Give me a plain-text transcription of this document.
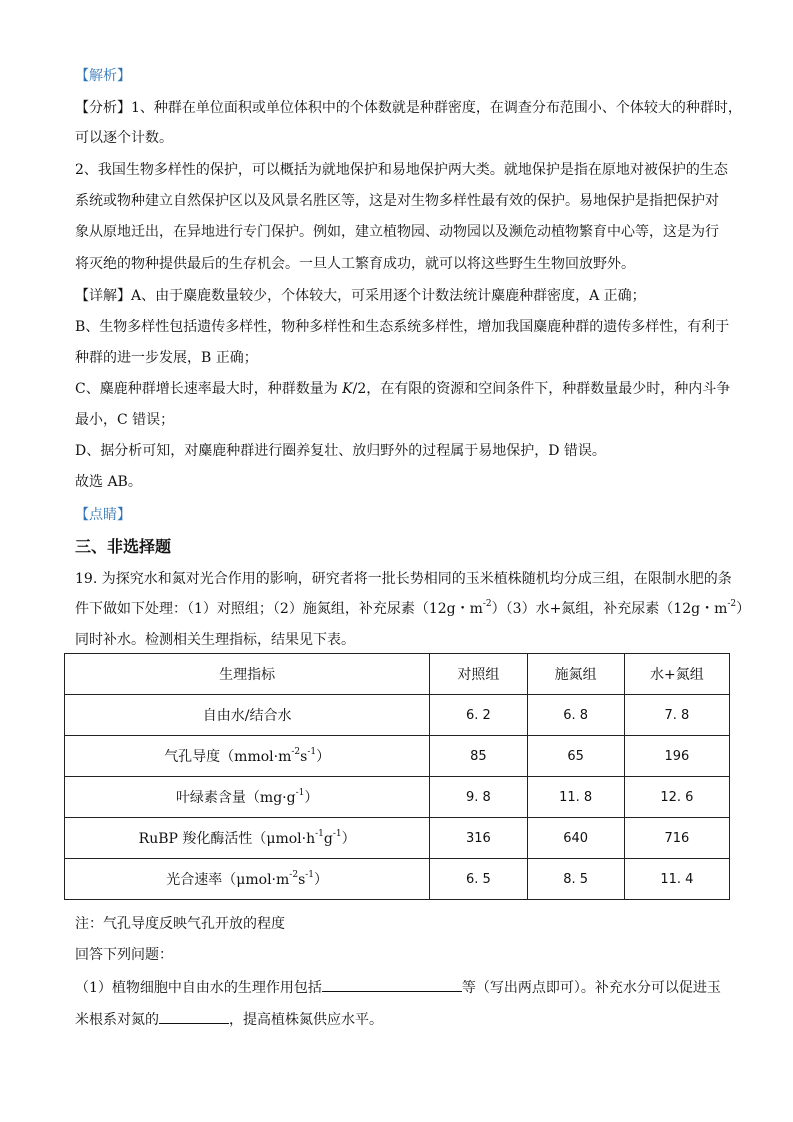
【解析】
【分析】1、种群在单位面积或单位体积中的个体数就是种群密度，在调查分布范围小、个体较大的种群时，
可以逐个计数。
2、我国生物多样性的保护，可以概括为就地保护和易地保护两大类。就地保护是指在原地对被保护的生态
系统或物种建立自然保护区以及风景名胜区等，这是对生物多样性最有效的保护。易地保护是指把保护对
象从原地迁出，在异地进行专门保护。例如，建立植物园、动物园以及濒危动植物繁育中心等，这是为行
将灭绝的物种提供最后的生存机会。一旦人工繁育成功，就可以将这些野生生物回放野外。
【详解】A、由于麋鹿数量较少，个体较大，可采用逐个计数法统计麋鹿种群密度，A 正确；
B、生物多样性包括遗传多样性，物种多样性和生态系统多样性，增加我国麋鹿种群的遗传多样性，有利于
种群的进一步发展，B 正确；
C、麋鹿种群增长速率最大时，种群数量为 K/2，在有限的资源和空间条件下，种群数量最少时，种内斗争
最小，C 错误；
D、据分析可知，对麋鹿种群进行圈养复壮、放归野外的过程属于易地保护，D 错误。
故选 AB。
【点睛】
三、非选择题
19. 为探究水和氮对光合作用的影响，研究者将一批长势相同的玉米植株随机均分成三组，在限制水肥的条
件下做如下处理：（1）对照组；（2）施氮组，补充尿素（12g・$m^{-2})(3)$水+氮组，补充尿素（12g・$m^{-2}$）
同时补水。检测相关生理指标，结果见下表。
生理指标	对照组	施氮组	水+氮组
自由水/结合水	6. 2	6. 8	7. 8
气孔导度$(mmol\cdot m^{-2}s^{-1})$	85	65	196
叶绿素含量$(mg\cdot g^{-1})$	9. 8	11. 8	12. 6
RuBP 羧化酶活性$(\mu mol\cdot h^{-1}g^{-1})$	316	640	716
光合速率$(\mu mol\cdot m^{-2}s^{-1})$	6. 5	8. 5	11. 4
注：气孔导度反映气孔开放的程度
回答下列问题：
（1）植物细胞中自由水的生理作用包括	等（写出两点即可）。补充水分可以促进玉
米根系对氮的	，提高植株氮供应水平。
